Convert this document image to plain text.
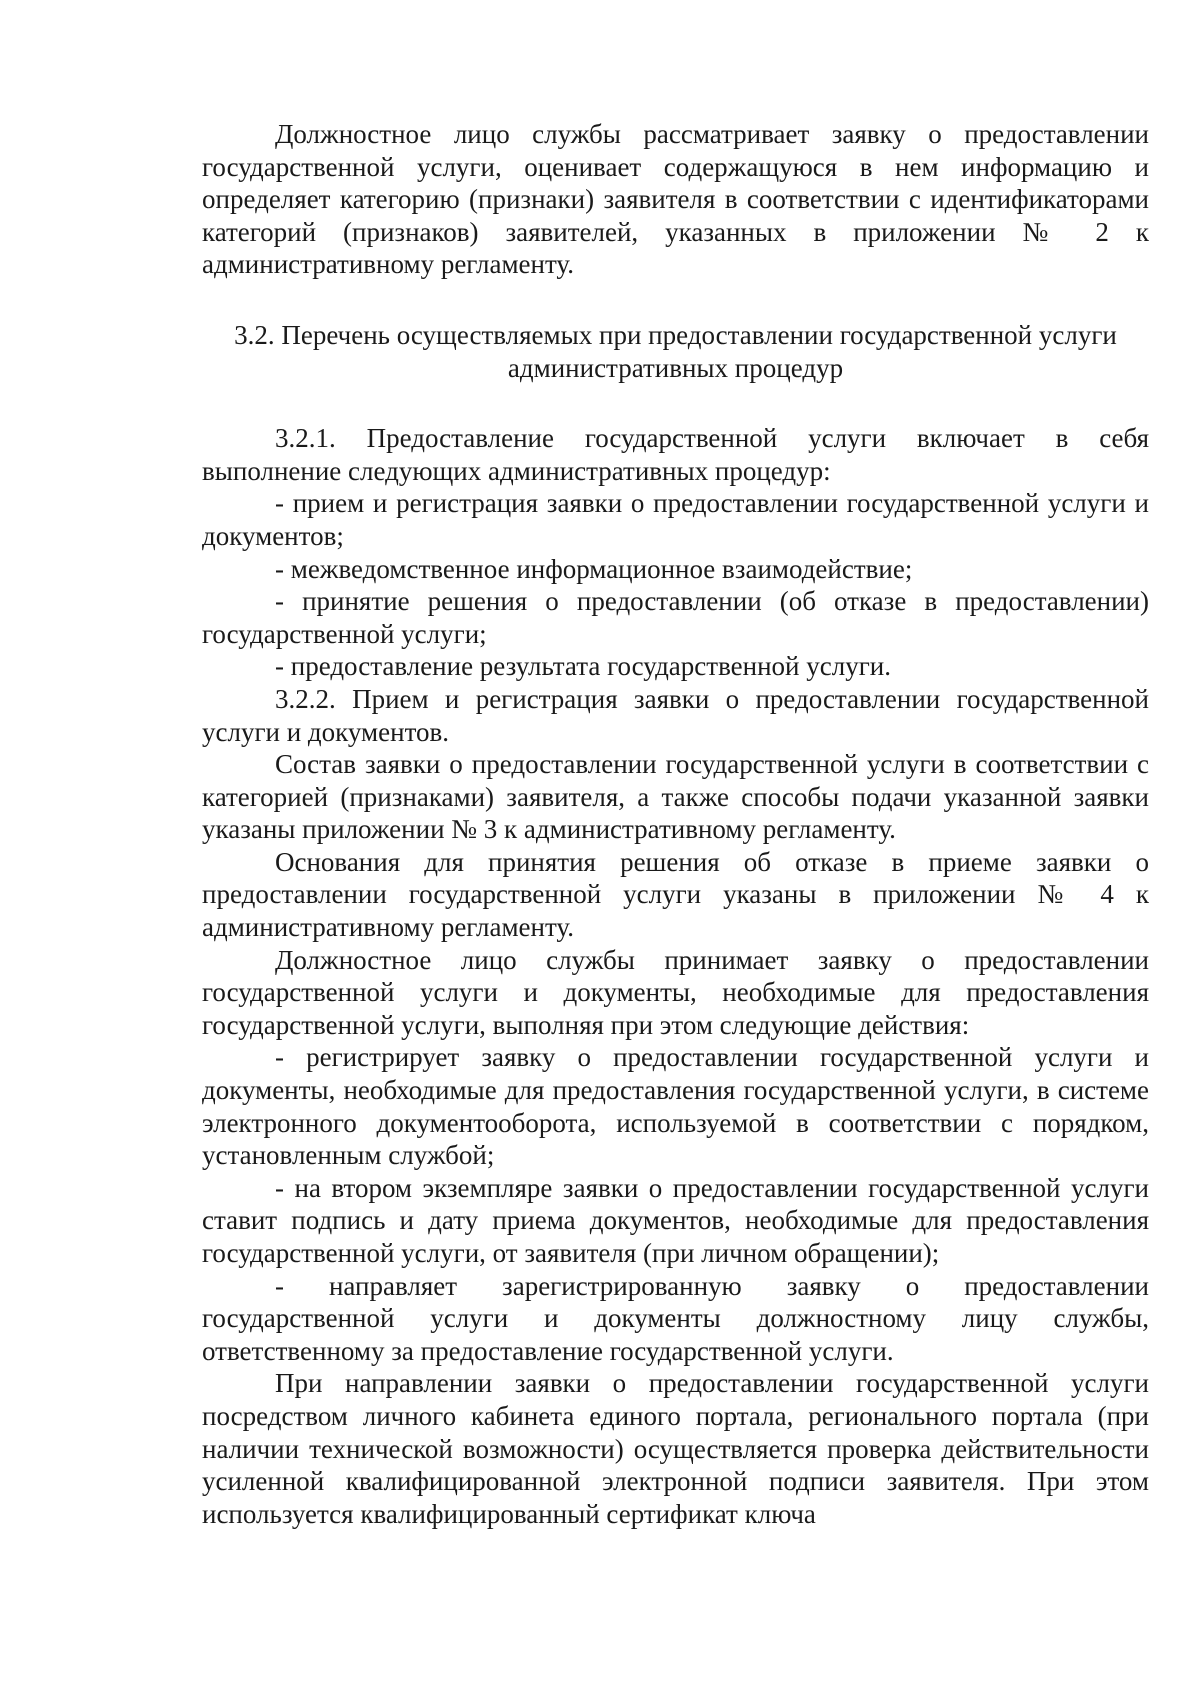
Должностное лицо службы рассматривает заявку о предоставлении государственной услуги, оценивает содержащуюся в нем информацию и определяет категорию (признаки) заявителя в соответствии с идентификаторами категорий (признаков) заявителей, указанных в приложении № 2 к административному регламенту.

3.2. Перечень осуществляемых при предоставлении государственной услуги административных процедур

3.2.1. Предоставление государственной услуги включает в себя выполнение следующих административных процедур:

- прием и регистрация заявки о предоставлении государственной услуги и документов;

- межведомственное информационное взаимодействие;

- принятие решения о предоставлении (об отказе в предоставлении) государственной услуги;

- предоставление результата государственной услуги.

3.2.2. Прием и регистрация заявки о предоставлении государственной услуги и документов.

Состав заявки о предоставлении государственной услуги в соответствии с категорией (признаками) заявителя, а также способы подачи указанной заявки указаны приложении № 3 к административному регламенту.

Основания для принятия решения об отказе в приеме заявки о предоставлении государственной услуги указаны в приложении № 4 к административному регламенту.

Должностное лицо службы принимает заявку о предоставлении государственной услуги и документы, необходимые для предоставления государственной услуги, выполняя при этом следующие действия:

- регистрирует заявку о предоставлении государственной услуги и документы, необходимые для предоставления государственной услуги, в системе электронного документооборота, используемой в соответствии с порядком, установленным службой;

- на втором экземпляре заявки о предоставлении государственной услуги ставит подпись и дату приема документов, необходимые для предоставления государственной услуги, от заявителя (при личном обращении);

- направляет зарегистрированную заявку о предоставлении государственной услуги и документы должностному лицу службы, ответственному за предоставление государственной услуги.

При направлении заявки о предоставлении государственной услуги посредством личного кабинета единого портала, регионального портала (при наличии технической возможности) осуществляется проверка действительности усиленной квалифицированной электронной подписи заявителя. При этом используется квалифицированный сертификат ключа
